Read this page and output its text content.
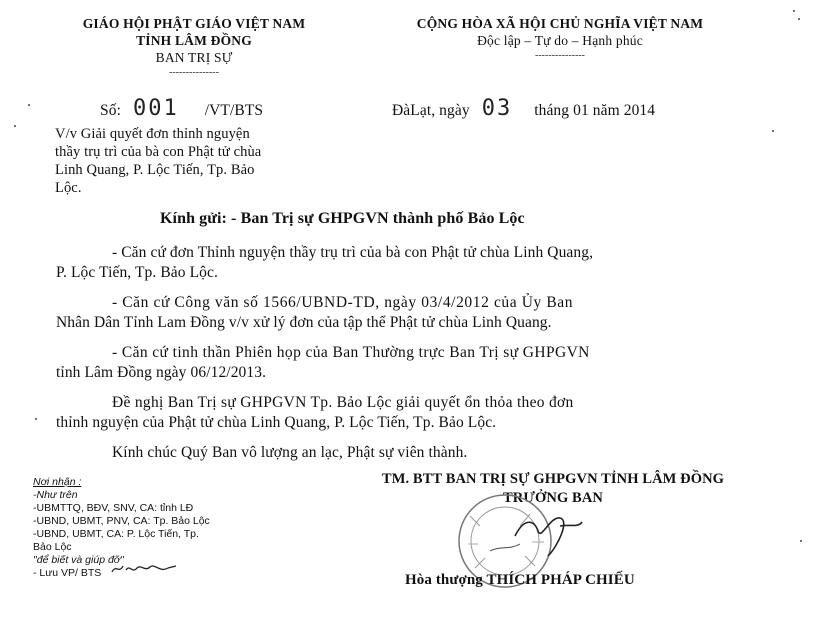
GIÁO HỘI PHẬT GIÁO VIỆT NAM
TỈNH LÂM ĐỒNG
BAN TRỊ SỰ
---------------
CỘNG HÒA XÃ HỘI CHỦ NGHĨA VIỆT NAM
Độc lập – Tự do – Hạnh phúc
---------------
Số: 001 /VT/BTS	ĐàLạt, ngày 03 tháng 01 năm 2014
V/v Giải quyết đơn thỉnh nguyện
thầy trụ trì của bà con Phật tử chùa
Linh Quang, P. Lộc Tiến, Tp. Bảo
Lộc.
Kính gửi: - Ban Trị sự GHPGVN thành phố Bảo Lộc
- Căn cứ đơn Thỉnh nguyện thầy trụ trì của bà con Phật tử chùa Linh Quang,
P. Lộc Tiến, Tp. Bảo Lộc.
- Căn cứ Công văn số 1566/UBND-TD, ngày 03/4/2012 của Ủy Ban
Nhân Dân Tỉnh Lam Đồng v/v xử lý đơn của tập thể Phật tử chùa Linh Quang.
- Căn cứ tinh thần Phiên họp của Ban Thường trực Ban Trị sự GHPGVN
tỉnh Lâm Đồng ngày 06/12/2013.
Đề nghị Ban Trị sự GHPGVN Tp. Bảo Lộc giải quyết ổn thỏa theo đơn
thỉnh nguyện của Phật tử chùa Linh Quang, P. Lộc Tiến, Tp. Bảo Lộc.
Kính chúc Quý Ban vô lượng an lạc, Phật sự viên thành.
Nơi nhận :
-Như trên
-UBMTTQ, BĐV, SNV, CA: tỉnh LĐ
-UBND, UBMT, PNV, CA: Tp. Bảo Lộc
-UBND, UBMT, CA: P. Lộc Tiến, Tp.
Bảo Lộc
"để biết và giúp đỡ"
- Lưu VP/ BTS
TM. BTT BAN TRỊ SỰ GHPGVN TỈNH LÂM ĐỒNG
TRƯỞNG BAN
Hòa thượng THÍCH PHÁP CHIẾU
